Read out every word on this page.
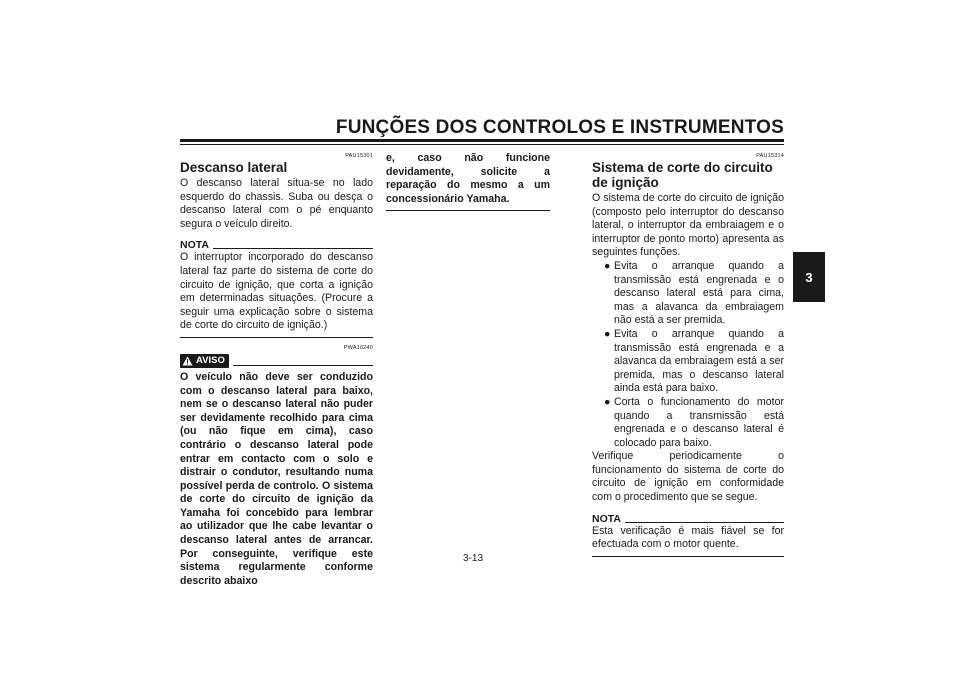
FUNÇÕES DOS CONTROLOS E INSTRUMENTOS
3
PAU15301
Descanso lateral

O descanso lateral situa-se no lado esquerdo do chassis. Suba ou desça o descanso lateral com o pé enquanto segura o veículo direito.

NOTA

O interruptor incorporado do descanso lateral faz parte do sistema de corte do circuito de ignição, que corta a ignição em determinadas situações. (Procure a seguir uma explicação sobre o sistema de corte do circuito de ignição.)

PWA10240
AVISO

O veículo não deve ser conduzido com o descanso lateral para baixo, nem se o descanso lateral não puder ser devidamente recolhido para cima (ou não fique em cima), caso contrário o descanso lateral pode entrar em contacto com o solo e distrair o condutor, resultando numa possível perda de controlo. O sistema de corte do circuito de ignição da Yamaha foi concebido para lembrar ao utilizador que lhe cabe levantar o descanso lateral antes de arrancar. Por conseguinte, verifique este sistema regularmente conforme descrito abaixo

e, caso não funcione devidamente, solicite a reparação do mesmo a um concessionário Yamaha.

PAU15314
Sistema de corte do circuito de ignição

O sistema de corte do circuito de ignição (composto pelo interruptor do descanso lateral, o interruptor da embraiagem e o interruptor de ponto morto) apresenta as seguintes funções.

● Evita o arranque quando a transmissão está engrenada e o descanso lateral está para cima, mas a alavanca da embraiagem não está a ser premida.
● Evita o arranque quando a transmissão está engrenada e a alavanca da embraiagem está a ser premida, mas o descanso lateral ainda está para baixo.
● Corta o funcionamento do motor quando a transmissão está engrenada e o descanso lateral é colocado para baixo.

Verifique periodicamente o funcionamento do sistema de corte do circuito de ignição em conformidade com o procedimento que se segue.

NOTA

Esta verificação é mais fiável se for efectuada com o motor quente.

3-13
